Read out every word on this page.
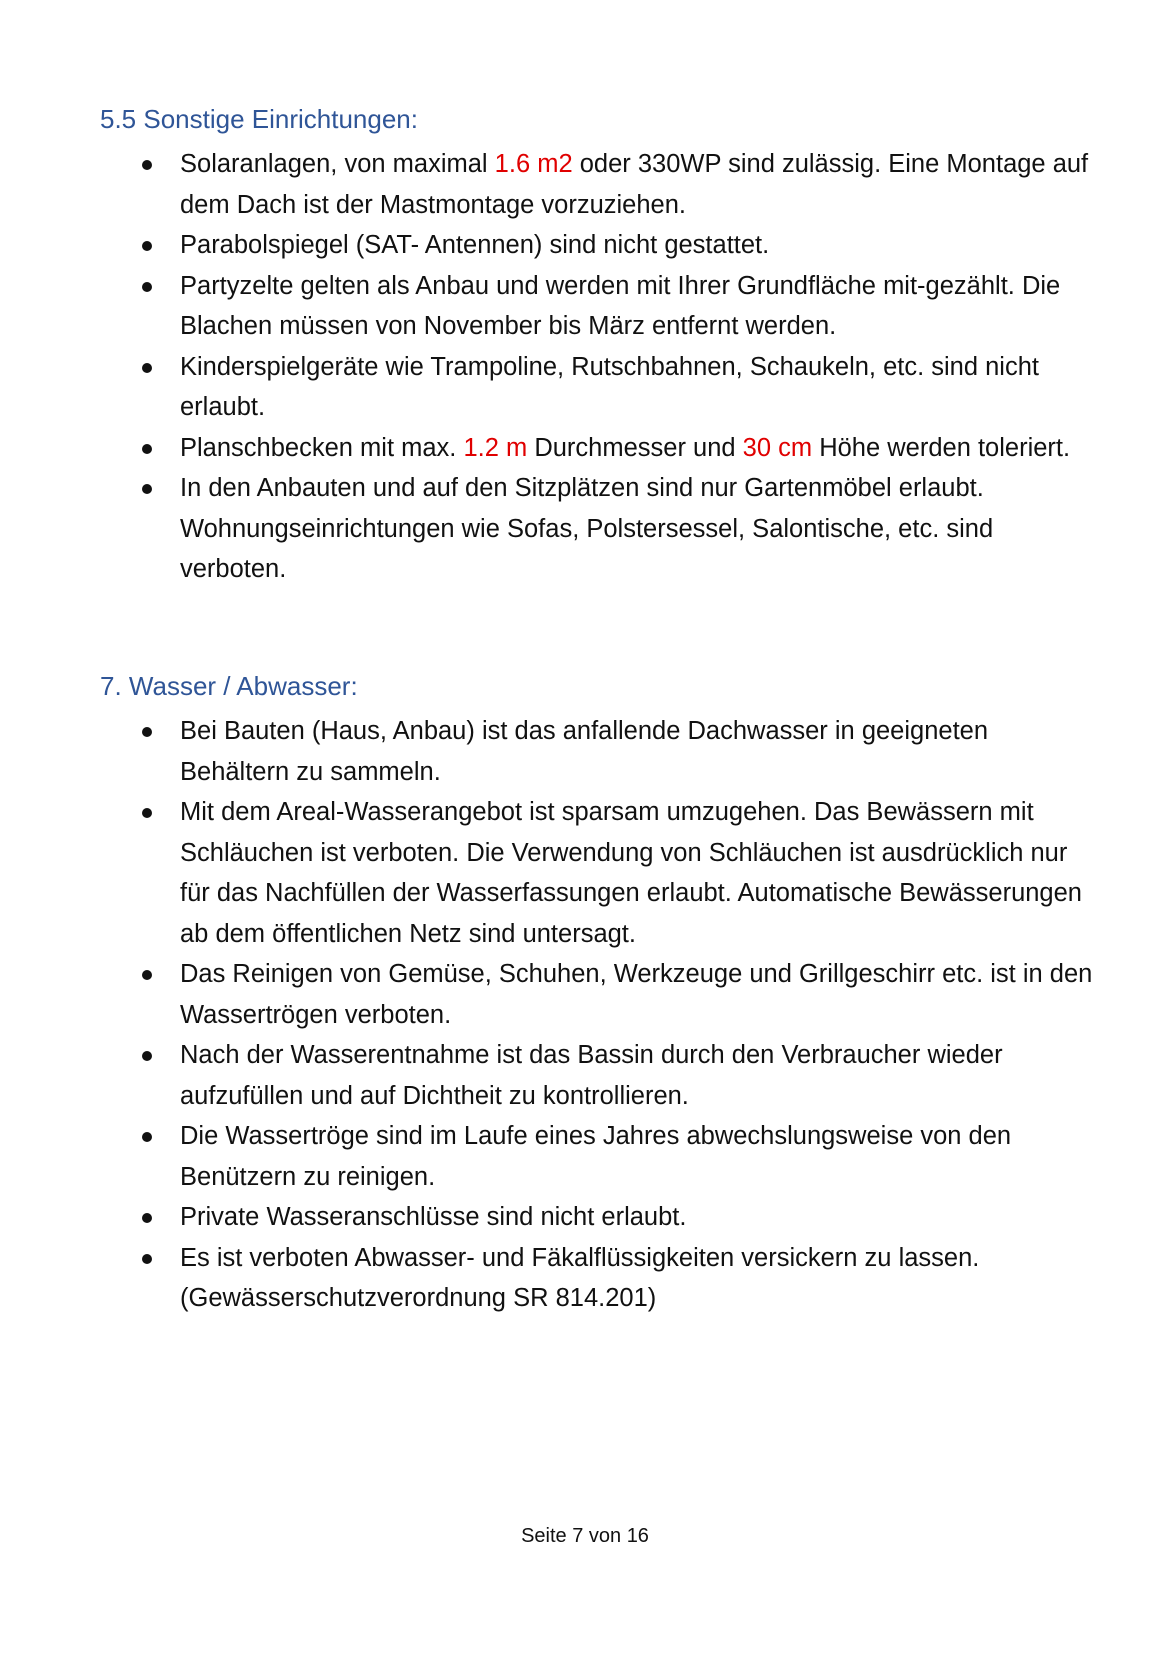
5.5 Sonstige Einrichtungen:
Solaranlagen, von maximal 1.6 m2 oder 330WP sind zulässig. Eine Montage auf dem Dach ist der Mastmontage vorzuziehen.
Parabolspiegel (SAT- Antennen) sind nicht gestattet.
Partyzelte gelten als Anbau und werden mit Ihrer Grundfläche mit-gezählt. Die Blachen müssen von November bis März entfernt werden.
Kinderspielgeräte wie Trampoline, Rutschbahnen, Schaukeln, etc. sind nicht erlaubt.
Planschbecken mit max. 1.2 m Durchmesser und 30 cm Höhe werden toleriert.
In den Anbauten und auf den Sitzplätzen sind nur Gartenmöbel erlaubt. Wohnungseinrichtungen wie Sofas, Polstersessel, Salontische, etc. sind verboten.
7. Wasser / Abwasser:
Bei Bauten (Haus, Anbau) ist das anfallende Dachwasser in geeigneten Behältern zu sammeln.
Mit dem Areal-Wasserangebot ist sparsam umzugehen. Das Bewässern mit Schläuchen ist verboten. Die Verwendung von Schläuchen ist ausdrücklich nur für das Nachfüllen der Wasserfassungen erlaubt. Automatische Bewässerungen ab dem öffentlichen Netz sind untersagt.
Das Reinigen von Gemüse, Schuhen, Werkzeuge und Grillgeschirr etc. ist in den Wassertrögen verboten.
Nach der Wasserentnahme ist das Bassin durch den Verbraucher wieder aufzufüllen und auf Dichtheit zu kontrollieren.
Die Wassertröge sind im Laufe eines Jahres abwechslungsweise von den Benützern zu reinigen.
Private Wasseranschlüsse sind nicht erlaubt.
Es ist verboten Abwasser- und Fäkalflüssigkeiten versickern zu lassen. (Gewässerschutzverordnung SR 814.201)
Seite 7 von 16
